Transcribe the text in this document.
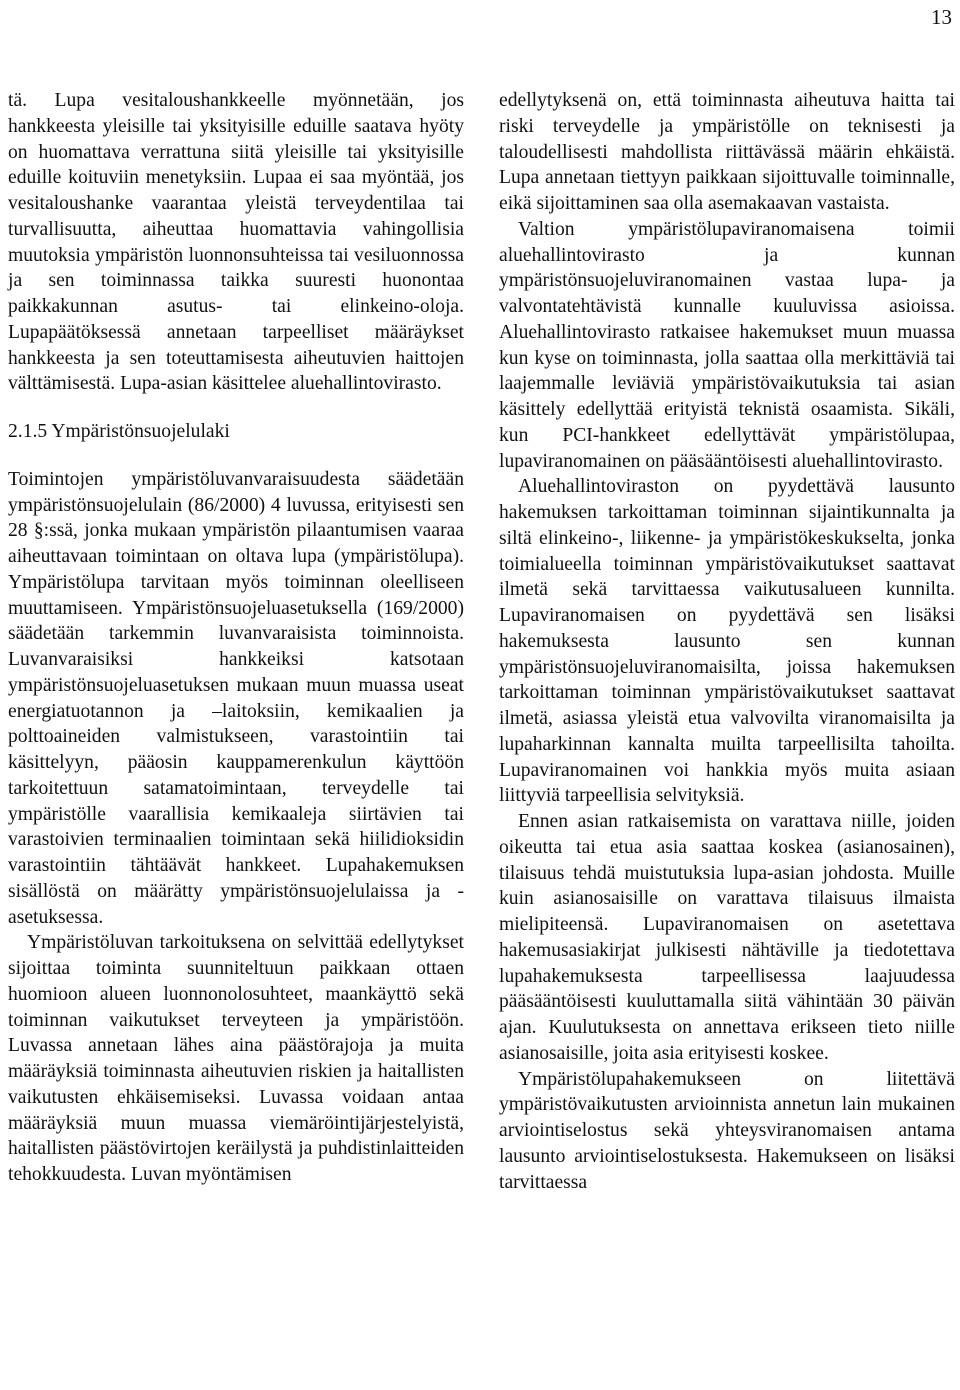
13

tä. Lupa vesitaloushankkeelle myönnetään, jos hankkeesta yleisille tai yksityisille eduille saatava hyöty on huomattava verrattuna siitä yleisille tai yksityisille eduille koituviin menetyksiin. Lupaa ei saa myöntää, jos vesitaloushanke vaarantaa yleistä terveydentilaa tai turvallisuutta, aiheuttaa huomattavia vahingollisia muutoksia ympäristön luonnonsuhteissa tai vesiluonnossa ja sen toiminnassa taikka suuresti huonontaa paikkakunnan asutus- tai elinkeino-oloja. Lupapäätöksessä annetaan tarpeelliset määräykset hankkeesta ja sen toteuttamisesta aiheutuvien haittojen välttämisestä. Lupa-asian käsittelee aluehallintovirasto.

2.1.5 Ympäristönsuojelulaki

Toimintojen ympäristöluvanvaraisuudesta säädetään ympäristönsuojelulain (86/2000) 4 luvussa, erityisesti sen 28 §:ssä, jonka mukaan ympäristön pilaantumisen vaaraa aiheuttavaan toimintaan on oltava lupa (ympäristölupa). Ympäristölupa tarvitaan myös toiminnan oleelliseen muuttamiseen. Ympäristönsuojeluasetuksella (169/2000) säädetään tarkemmin luvanvaraisista toiminnoista. Luvanvaraisiksi hankkeiksi katsotaan ympäristönsuojeluasetuksen mukaan muun muassa useat energiatuotannon ja –laitoksiin, kemikaalien ja polttoaineiden valmistukseen, varastointiin tai käsittelyyn, pääosin kauppamerenkulun käyttöön tarkoitettuun satamatoimintaan, terveydelle tai ympäristölle vaarallisia kemikaaleja siirtävien tai varastoivien terminaalien toimintaan sekä hiilidioksidin varastointiin tähtäävät hankkeet. Lupahakemuksen sisällöstä on määrätty ympäristönsuojelulaissa ja -asetuksessa.

Ympäristöluvan tarkoituksena on selvittää edellytykset sijoittaa toiminta suunniteltuun paikkaan ottaen huomioon alueen luonnonolosuhteet, maankäyttö sekä toiminnan vaikutukset terveyteen ja ympäristöön. Luvassa annetaan lähes aina päästörajoja ja muita määräyksiä toiminnasta aiheutuvien riskien ja haitallisten vaikutusten ehkäisemiseksi. Luvassa voidaan antaa määräyksiä muun muassa viemäröintijärjestelyistä, haitallisten päästövirtojen keräilystä ja puhdistinlaitteiden tehokkuudesta. Luvan myöntämisen

edellytyksenä on, että toiminnasta aiheutuva haitta tai riski terveydelle ja ympäristölle on teknisesti ja taloudellisesti mahdollista riittävässä määrin ehkäistä. Lupa annetaan tiettyyn paikkaan sijoittuvalle toiminnalle, eikä sijoittaminen saa olla asemakaavan vastaista.

Valtion ympäristölupaviranomaisena toimii aluehallintovirasto ja kunnan ympäristönsuojeluviranomainen vastaa lupa- ja valvontatehtävistä kunnalle kuuluvissa asioissa. Aluehallintovirasto ratkaisee hakemukset muun muassa kun kyse on toiminnasta, jolla saattaa olla merkittäviä tai laajemmalle leviäviä ympäristövaikutuksia tai asian käsittely edellyttää erityistä teknistä osaamista. Sikäli, kun PCI-hankkeet edellyttävät ympäristölupaa, lupaviranomainen on pääsääntöisesti aluehallintovirasto.

Aluehallintoviraston on pyydettävä lausunto hakemuksen tarkoittaman toiminnan sijaintikunnalta ja siltä elinkeino-, liikenne- ja ympäristökeskukselta, jonka toimialueella toiminnan ympäristövaikutukset saattavat ilmetä sekä tarvittaessa vaikutusalueen kunnilta. Lupaviranomaisen on pyydettävä sen lisäksi hakemuksesta lausunto sen kunnan ympäristönsuojeluviranomaisilta, joissa hakemuksen tarkoittaman toiminnan ympäristövaikutukset saattavat ilmetä, asiassa yleistä etua valvovilta viranomaisilta ja lupaharkinnan kannalta muilta tarpeellisilta tahoilta. Lupaviranomainen voi hankkia myös muita asiaan liittyviä tarpeellisia selvityksiä.

Ennen asian ratkaisemista on varattava niille, joiden oikeutta tai etua asia saattaa koskea (asianosainen), tilaisuus tehdä muistutuksia lupa-asian johdosta. Muille kuin asianosaisille on varattava tilaisuus ilmaista mielipiteensä. Lupaviranomaisen on asetettava hakemusasiakirjat julkisesti nähtäville ja tiedotettava lupahakemuksesta tarpeellisessa laajuudessa pääsääntöisesti kuuluttamalla siitä vähintään 30 päivän ajan. Kuulutuksesta on annettava erikseen tieto niille asianosaisille, joita asia erityisesti koskee.

Ympäristölupahakemukseen on liitettävä ympäristövaikutusten arvioinnista annetun lain mukainen arviointiselostus sekä yhteysviranomaisen antama lausunto arviointiselostuksesta. Hakemukseen on lisäksi tarvittaessa
